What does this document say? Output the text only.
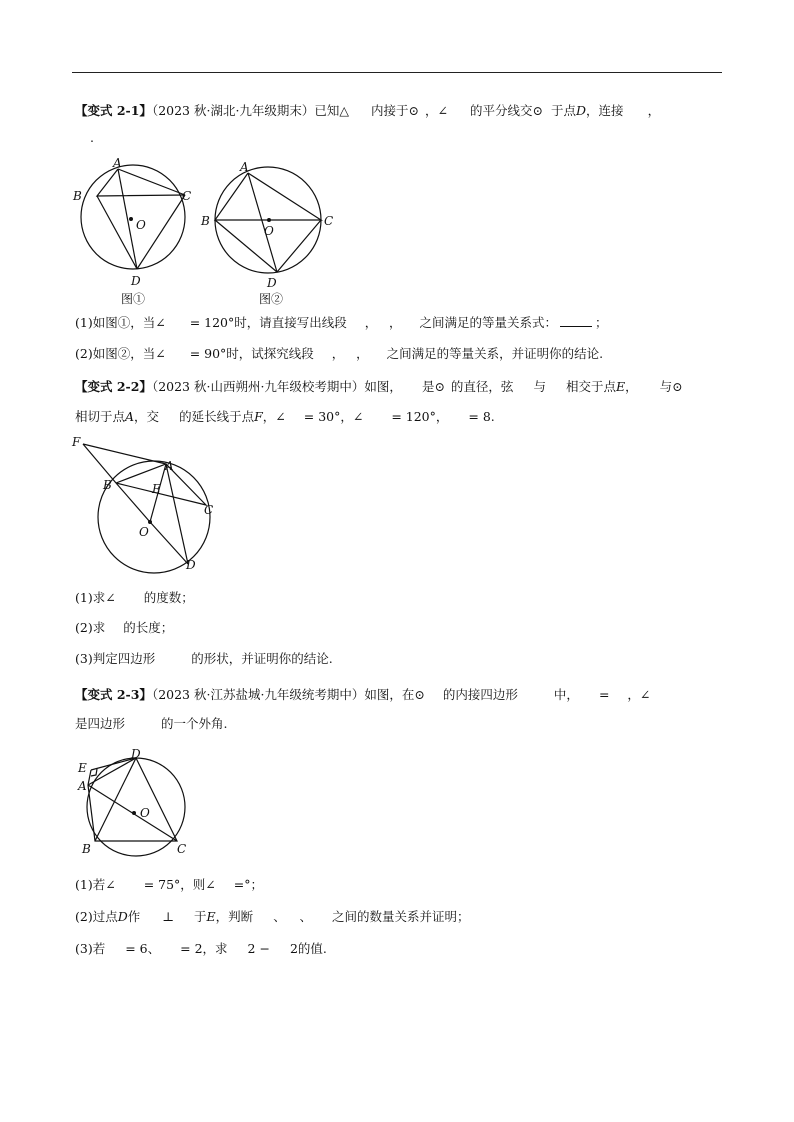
【变式 2-1】（2023 秋·湖北·九年级期末）已知△ 内接于⊙ ，∠ 的平分线交⊙ 于点D，连接 ，
.
A
B	C
O
D
图①
A
B	C
O
D
图②
(1)如图①，当∠ = 120°时，请直接写出线段 ， ， 之间满足的等量关系式：	；
(2)如图②，当∠ = 90°时，试探究线段 ， ， 之间满足的等量关系，并证明你的结论.
【变式 2-2】（2023 秋·山西朔州·九年级校考期中）如图， 是⊙ 的直径，弦 与 相交于点E， 与⊙
相切于点A，交 的延长线于点F，∠ = 30°，∠ = 120°， = 8.
F
A
B	E
C
O
D
(1)求∠ 的度数；
(2)求 的长度；
(3)判定四边形	的形状，并证明你的结论.
【变式 2-3】（2023 秋·江苏盐城·九年级统考期中）如图，在⊙ 的内接四边形	中， = ，∠
是四边形	的一个外角.
D
E
A
O
B	C
(1)若∠ = 75°，则∠ =°；
(2)过点D作 ⊥ 于E，判断 、 、 之间的数量关系并证明；
(3)若 = 6、 = 2，求 2 − 2的值.
